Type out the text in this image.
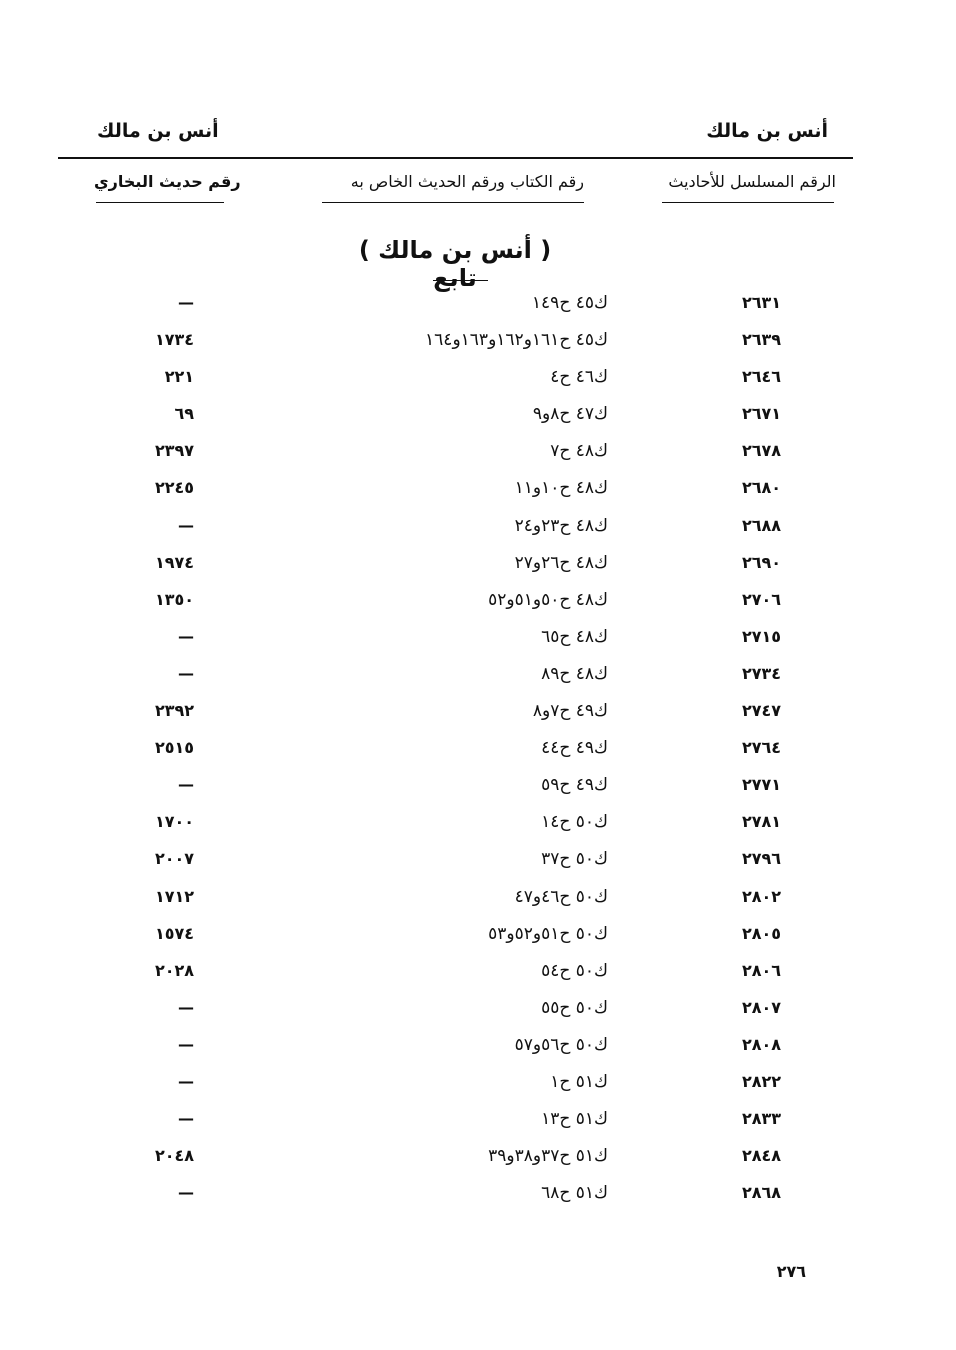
أنس بن مالك
أنس بن مالك
الرقم المسلسل للأحاديث
رقم الكتاب ورقم الحديث الخاص به
رقم حديث البخاري
( أنس بن مالك ) تابع
٢٦٣١
ك٤٥ ح١٤٩
—
٢٦٣٩
ك٤٥ ح١٦١و١٦٢و١٦٣و١٦٤
١٧٣٤
٢٦٤٦
ك٤٦ ح٤
٢٢١
٢٦٧١
ك٤٧ ح٨و٩
٦٩
٢٦٧٨
ك٤٨ ح٧
٢٣٩٧
٢٦٨٠
ك٤٨ ح١٠و١١
٢٢٤٥
٢٦٨٨
ك٤٨ ح٢٣و٢٤
—
٢٦٩٠
ك٤٨ ح٢٦و٢٧
١٩٧٤
٢٧٠٦
ك٤٨ ح٥٠و٥١و٥٢
١٣٥٠
٢٧١٥
ك٤٨ ح٦٥
—
٢٧٣٤
ك٤٨ ح٨٩
—
٢٧٤٧
ك٤٩ ح٧و٨
٢٣٩٢
٢٧٦٤
ك٤٩ ح٤٤
٢٥١٥
٢٧٧١
ك٤٩ ح٥٩
—
٢٧٨١
ك٥٠ ح١٤
١٧٠٠
٢٧٩٦
ك٥٠ ح٣٧
٢٠٠٧
٢٨٠٢
ك٥٠ ح٤٦و٤٧
١٧١٢
٢٨٠٥
ك٥٠ ح٥١و٥٢و٥٣
١٥٧٤
٢٨٠٦
ك٥٠ ح٥٤
٢٠٢٨
٢٨٠٧
ك٥٠ ح٥٥
—
٢٨٠٨
ك٥٠ ح٥٦و٥٧
—
٢٨٢٢
ك٥١ ح١
—
٢٨٣٣
ك٥١ ح١٣
—
٢٨٤٨
ك٥١ ح٣٧و٣٨و٣٩
٢٠٤٨
٢٨٦٨
ك٥١ ح٦٨
—
٢٧٦
